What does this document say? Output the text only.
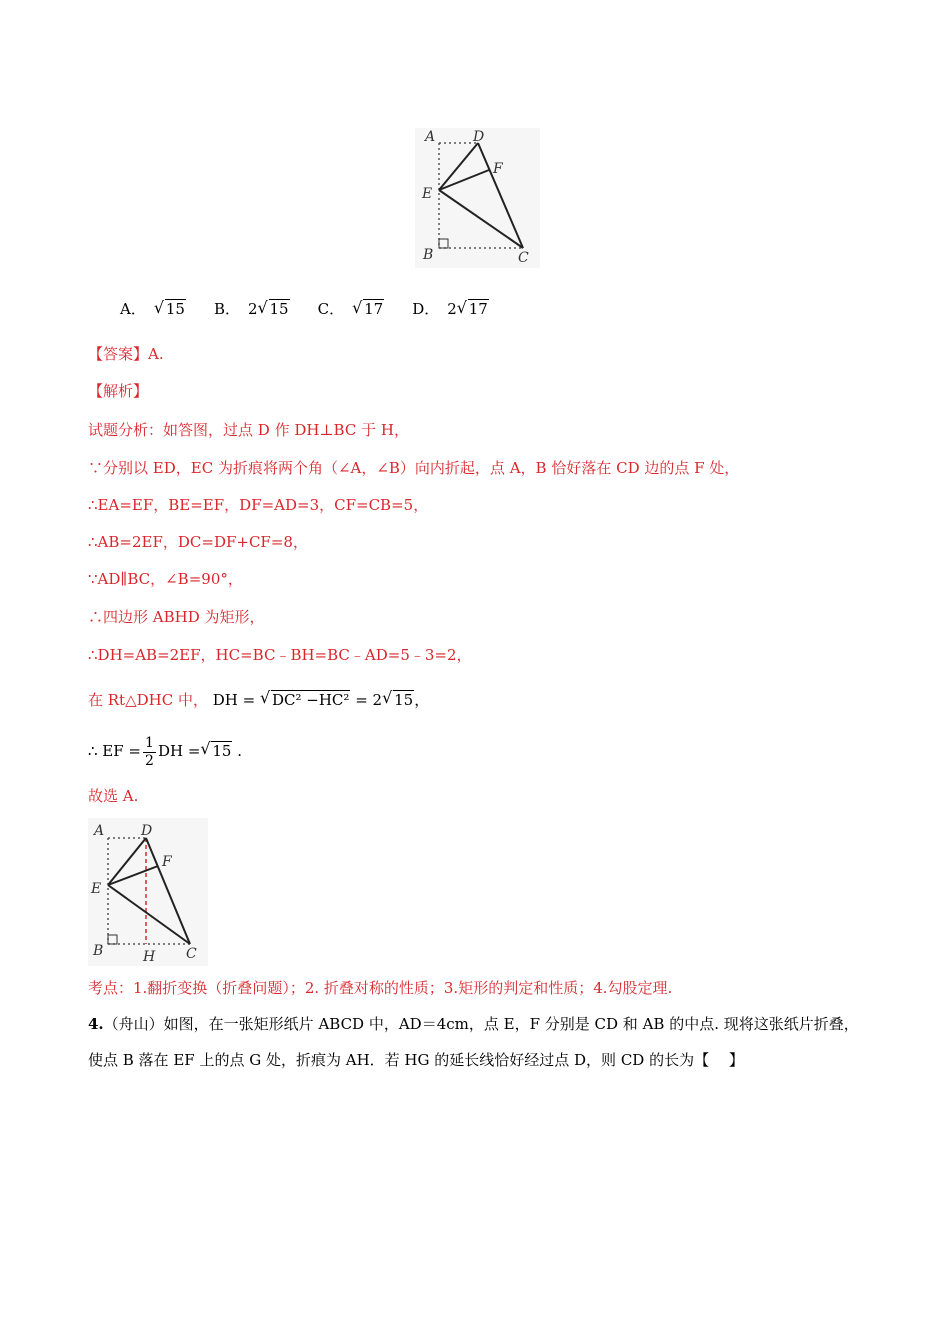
A	D
F
E
B	C
A．	√ 15 B． 2 √ 15 C．	√ 17 D． 2 √ 17
【答案】A.
【解析】
试题分析：如答图，过点 D 作 DH⊥BC 于 H，
∵分别以 ED，EC 为折痕将两个角（∠A，∠B）向内折起，点 A，B 恰好落在 CD 边的点 F 处，
∴EA=EF，BE=EF，DF=AD=3，CF=CB=5，
∴AB=2EF，DC=DF+CF=8，
∵AD∥BC，∠B=90°，
∴四边形 ABHD 为矩形，
∴DH=AB=2EF，HC=BC﹣BH=BC﹣AD=5﹣3=2，
在 Rt△DHC 中， DH = √ DC² −HC² = 2 √ 15，
∴ EF = $\frac{1}{2}$ DH = √ 15 .
故选 A.
A	D
F
E
B	H C
考点：1.翻折变换（折叠问题）；2. 折叠对称的性质；3.矩形的判定和性质；4.勾股定理.
4.（舟山）如图，在一张矩形纸片 ABCD 中，AD＝4cm，点 E，F 分别是 CD 和 AB 的中点. 现将这张纸片折叠，
使点 B 落在 EF 上的点 G 处，折痕为 AH．若 HG 的延长线恰好经过点 D，则 CD 的长为【　 】
